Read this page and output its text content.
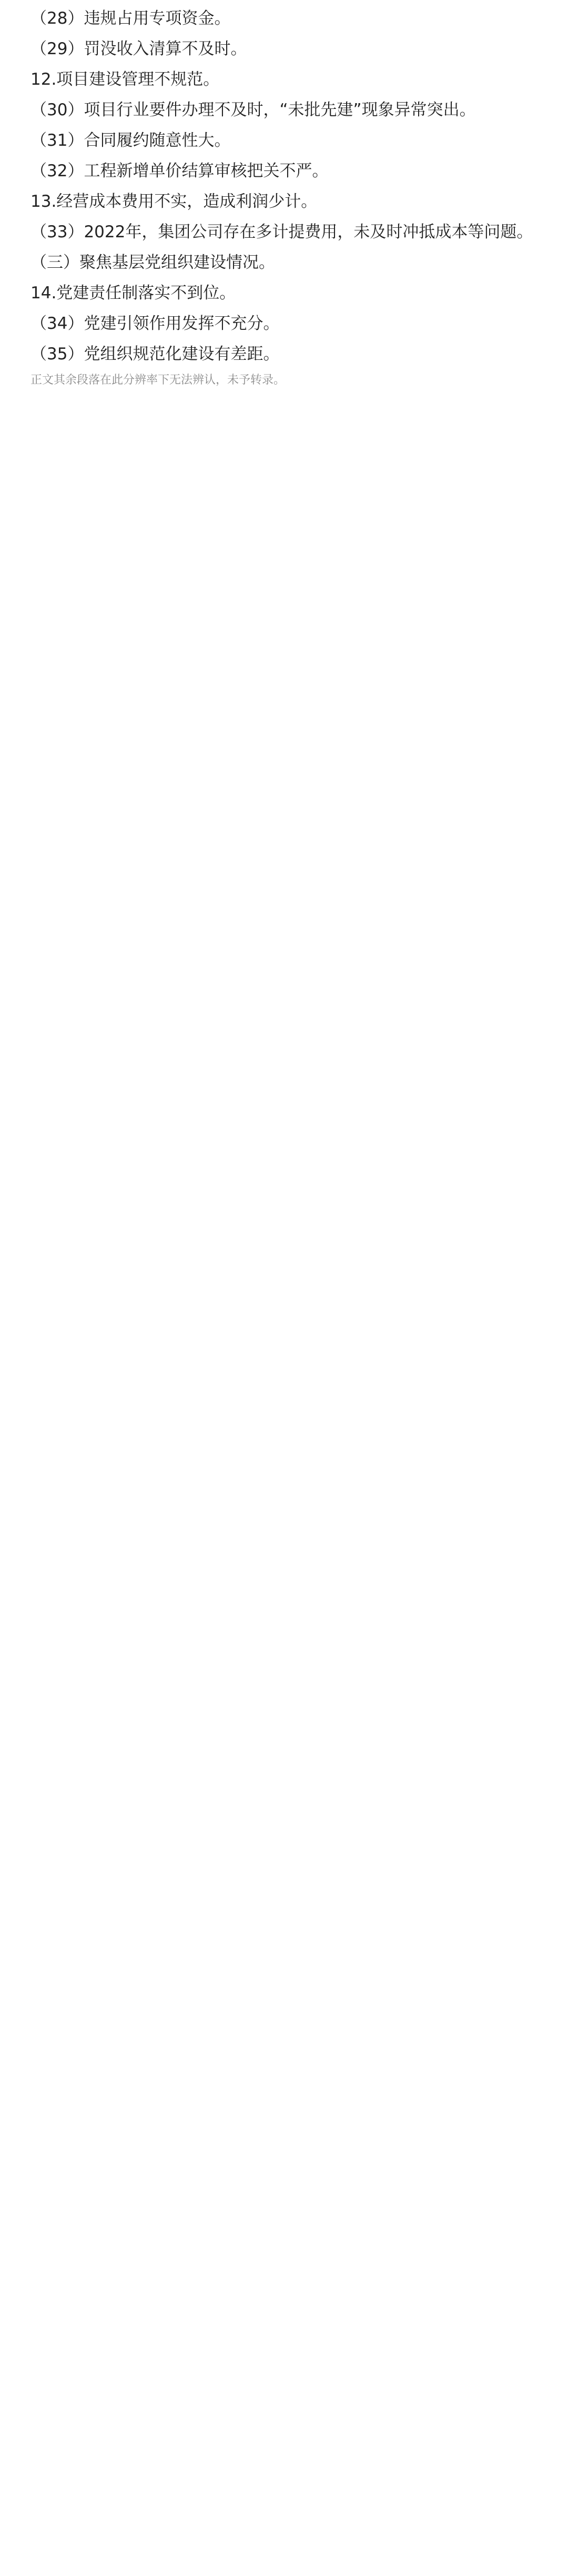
（28）违规占用专项资金。

（29）罚没收入清算不及时。

12.项目建设管理不规范。

（30）项目行业要件办理不及时，“未批先建”现象异常突出。

（31）合同履约随意性大。

（32）工程新增单价结算审核把关不严。

13.经营成本费用不实，造成利润少计。

（33）2022年，集团公司存在多计提费用，未及时冲抵成本等问题。

（三）聚焦基层党组织建设情况。

14.党建责任制落实不到位。

（34）党建引领作用发挥不充分。

（35）党组织规范化建设有差距。

正文其余段落在此分辨率下无法辨认，未予转录。
